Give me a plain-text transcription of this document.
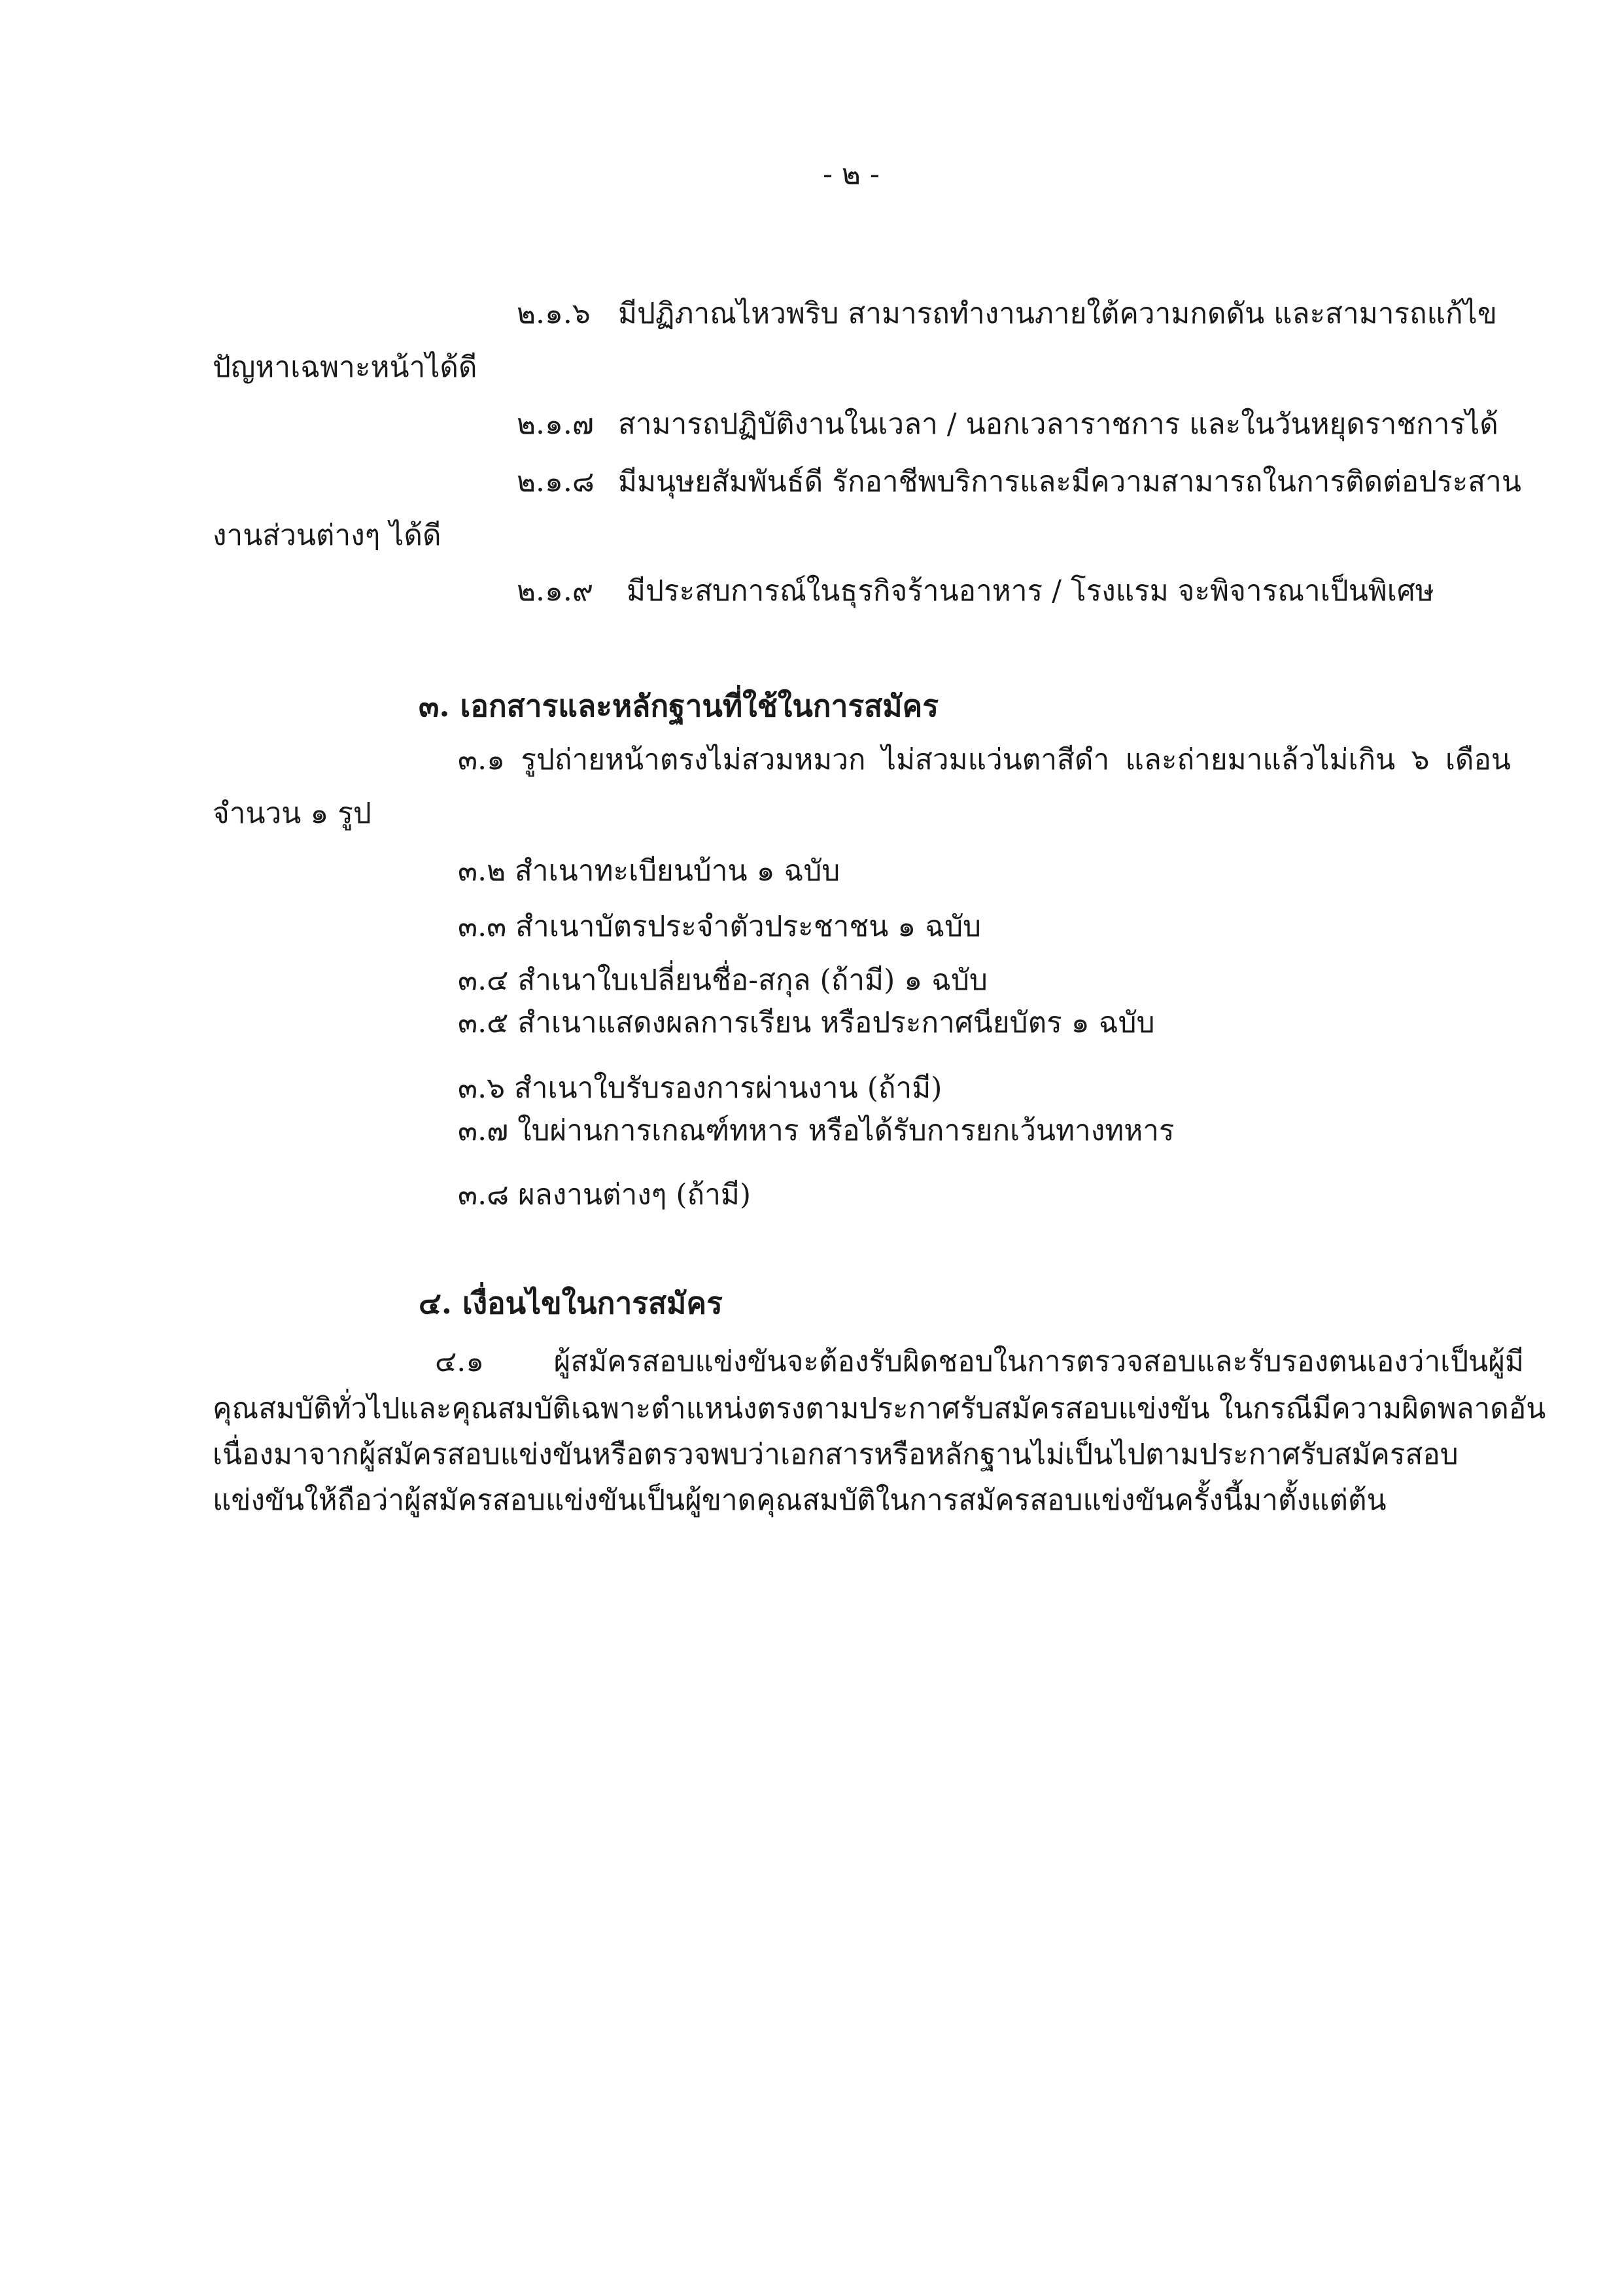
- ๒ -
๒.๑.๖ มีปฏิภาณไหวพริบ สามารถทำงานภายใต้ความกดดัน และสามารถแก้ไข
ปัญหาเฉพาะหน้าได้ดี
๒.๑.๗ สามารถปฏิบัติงานในเวลา / นอกเวลาราชการ และในวันหยุดราชการได้
๒.๑.๘ มีมนุษยสัมพันธ์ดี รักอาชีพบริการและมีความสามารถในการติดต่อประสาน
งานส่วนต่างๆ ได้ดี
๒.๑.๙ มีประสบการณ์ในธุรกิจร้านอาหาร / โรงแรม จะพิจารณาเป็นพิเศษ
๓. เอกสารและหลักฐานที่ใช้ในการสมัคร
๓.๑ รูปถ่ายหน้าตรงไม่สวมหมวก ไม่สวมแว่นตาสีดำ และถ่ายมาแล้วไม่เกิน ๖ เดือน
จำนวน ๑ รูป
๓.๒ สำเนาทะเบียนบ้าน ๑ ฉบับ
๓.๓ สำเนาบัตรประจำตัวประชาชน ๑ ฉบับ
๓.๔ สำเนาใบเปลี่ยนชื่อ-สกุล (ถ้ามี) ๑ ฉบับ
๓.๕ สำเนาแสดงผลการเรียน หรือประกาศนียบัตร ๑ ฉบับ
๓.๖ สำเนาใบรับรองการผ่านงาน (ถ้ามี)
๓.๗ ใบผ่านการเกณฑ์ทหาร หรือได้รับการยกเว้นทางทหาร
๓.๘ ผลงานต่างๆ (ถ้ามี)
๔. เงื่อนไขในการสมัคร
๔.๑ ผู้สมัครสอบแข่งขันจะต้องรับผิดชอบในการตรวจสอบและรับรองตนเองว่าเป็นผู้มี
คุณสมบัติทั่วไปและคุณสมบัติเฉพาะตำแหน่งตรงตามประกาศรับสมัครสอบแข่งขัน ในกรณีมีความผิดพลาดอัน
เนื่องมาจากผู้สมัครสอบแข่งขันหรือตรวจพบว่าเอกสารหรือหลักฐานไม่เป็นไปตามประกาศรับสมัครสอบ
แข่งขันให้ถือว่าผู้สมัครสอบแข่งขันเป็นผู้ขาดคุณสมบัติในการสมัครสอบแข่งขันครั้งนี้มาตั้งแต่ต้น
